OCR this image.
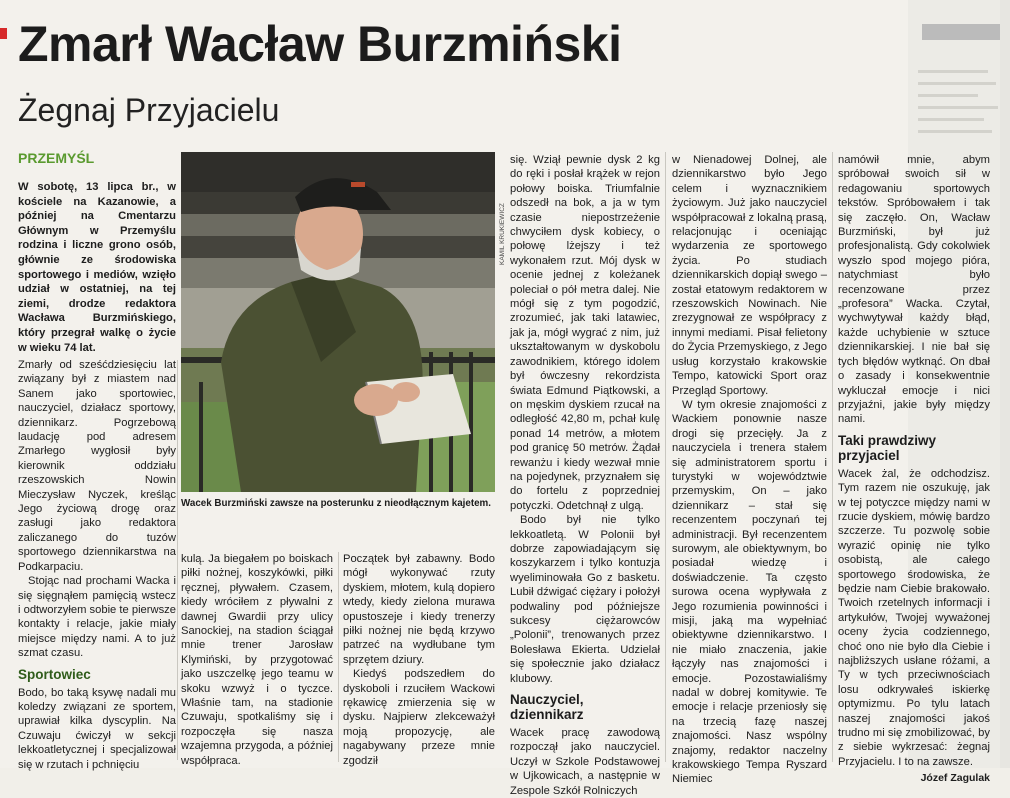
Zmarł Wacław Burzmiński
Żegnaj Przyjacielu
PRZEMYŚL
W sobotę, 13 lipca br., w kościele na Kazanowie, a później na Cmentarzu Głównym w Przemyślu rodzina i liczne grono osób, głównie ze środowiska sportowego i mediów, wzięło udział w ostatniej, na tej ziemi, drodze redaktora Wacława Burzmińskiego, który przegrał walkę o życie w wieku 74 lat.
KAMIL KRUKIEWICZ
Wacek Burzmiński zawsze na posterunku z nieodłącznym kajetem.

Zmarły od sześćdziesięciu lat związany był z miastem nad Sanem jako sportowiec, nauczyciel, działacz sportowy, dziennikarz. Pogrzebową laudację pod adresem Zmarłego wygłosił były kierownik oddziału rzeszowskich Nowin Mieczysław Nyczek, kreśląc Jego życiową drogę oraz zasługi jako redaktora zaliczanego do tuzów sportowego dziennikarstwa na Podkarpaciu.

Stojąc nad prochami Wacka i się sięgnąłem pamięcią wstecz i odtworzyłem sobie te pierwsze kontakty i relacje, jakie miały miejsce między nami. A to już szmat czasu.

Sportowiec

Bodo, bo taką ksywę nadali mu koledzy związani ze sportem, uprawiał kilka dyscyplin. Na Czuwaju ćwiczył w sekcji lekkoatletycznej i specjalizował się w rzutach i pchnięciu

kulą. Ja biegałem po boiskach piłki nożnej, koszykówki, piłki ręcznej, pływałem. Czasem, kiedy wróciłem z pływalni z dawnej Gwardii przy ulicy Sanockiej, na stadion ściągał mnie trener Jarosław Klymiński, by przygotować jako uszczelkę jego teamu w skoku wzwyż i o tyczce. Właśnie tam, na stadionie Czuwaju, spotkaliśmy się i rozpoczęła się nasza wzajemna przygoda, a później współpraca.

Początek był zabawny. Bodo mógł wykonywać rzuty dyskiem, młotem, kulą dopiero wtedy, kiedy zielona murawa opustoszeje i kiedy trenerzy piłki nożnej nie będą krzywo patrzeć na wydłubane tym sprzętem dziury.

Kiedyś podszedłem do dyskoboli i rzuciłem Wackowi rękawicę zmierzenia się w dysku. Najpierw zlekceważył moją propozycję, ale nagabywany przeze mnie zgodził

się. Wziął pewnie dysk 2 kg do ręki i posłał krążek w rejon połowy boiska. Triumfalnie odszedł na bok, a ja w tym czasie niepostrzeżenie chwyciłem dysk kobiecy, o połowę lżejszy i też wykonałem rzut. Mój dysk w ocenie jednej z koleżanek poleciał o pół metra dalej. Nie mógł się z tym pogodzić, zrozumieć, jak taki latawiec, jak ja, mógł wygrać z nim, już ukształtowanym w dyskobolu zawodnikiem, którego idolem był ówczesny rekordzista świata Edmund Piątkowski, a on męskim dyskiem rzucał na odległość 42,80 m, pchał kulę ponad 14 metrów, a młotem pod granicę 50 metrów. Żądał rewanżu i kiedy wezwał mnie na pojedynek, przyznałem się do fortelu z poprzedniej potyczki. Odetchnął z ulgą.

Bodo był nie tylko lekkoatletą. W Polonii był dobrze zapowiadającym się koszykarzem i tylko kontuzja wyeliminowała Go z basketu. Lubił dźwigać ciężary i położył podwaliny pod późniejsze sukcesy ciężarowców „Polonii”, trenowanych przez Bolesława Ekierta. Udzielał się społecznie jako działacz klubowy.

Nauczyciel, dziennikarz

Wacek pracę zawodową rozpoczął jako nauczyciel. Uczył w Szkole Podstawowej w Ujkowicach, a następnie w Zespole Szkół Rolniczych

w Nienadowej Dolnej, ale dziennikarstwo było Jego celem i wyznacznikiem życiowym. Już jako nauczyciel współpracował z lokalną prasą, relacjonując i oceniając wydarzenia ze sportowego życia. Po studiach dziennikarskich dopiął swego – został etatowym redaktorem w rzeszowskich Nowinach. Nie zrezygnował ze współpracy z innymi mediami. Pisał felietony do Życia Przemyskiego, z Jego usług korzystało krakowskie Tempo, katowicki Sport oraz Przegląd Sportowy.

W tym okresie znajomości z Wackiem ponownie nasze drogi się przecięły. Ja z nauczyciela i trenera stałem się administratorem sportu i turystyki w województwie przemyskim, On – jako dziennikarz – stał się recenzentem poczynań tej administracji. Był recenzentem surowym, ale obiektywnym, bo posiadał wiedzę i doświadczenie. Ta często surowa ocena wypływała z Jego rozumienia powinności i misji, jaką ma wypełniać obiektywne dziennikarstwo. I nie miało znaczenia, jakie łączyły nas znajomości i emocje. Pozostawialiśmy nadal w dobrej komitywie. Te emocje i relacje przeniosły się na trzecią fazę naszej znajomości. Nasz wspólny znajomy, redaktor naczelny krakowskiego Tempa Ryszard Niemiec

namówił mnie, abym spróbował swoich sił w redagowaniu sportowych tekstów. Spróbowałem i tak się zaczęło. On, Wacław Burzmiński, był już profesjonalistą. Gdy cokolwiek wyszło spod mojego pióra, natychmiast było recenzowane przez „profesora” Wacka. Czytał, wychwytywał każdy błąd, każde uchybienie w sztuce dziennikarskiej. I nie bał się tych błędów wytknąć. On dbał o zasady i konsekwentnie wykluczał emocje i nici przyjaźni, jakie były między nami.

Taki prawdziwy przyjaciel

Wacek żal, że odchodzisz. Tym razem nie oszukuję, jak w tej potyczce między nami w rzucie dyskiem, mówię bardzo szczerze. Tu pozwolę sobie wyrazić opinię nie tylko osobistą, ale całego sportowego środowiska, że będzie nam Ciebie brakowało. Twoich rzetelnych informacji i artykułów, Twojej wyważonej oceny życia codziennego, choć ono nie było dla Ciebie i najbliższych usłane różami, a Ty w tych przeciwnościach losu odkrywałeś iskierkę optymizmu. Po tylu latach naszej znajomości jakoś trudno mi się zmobilizować, by z siebie wykrzesać: żegnaj Przyjacielu. I to na zawsze.

Józef Zagulak
